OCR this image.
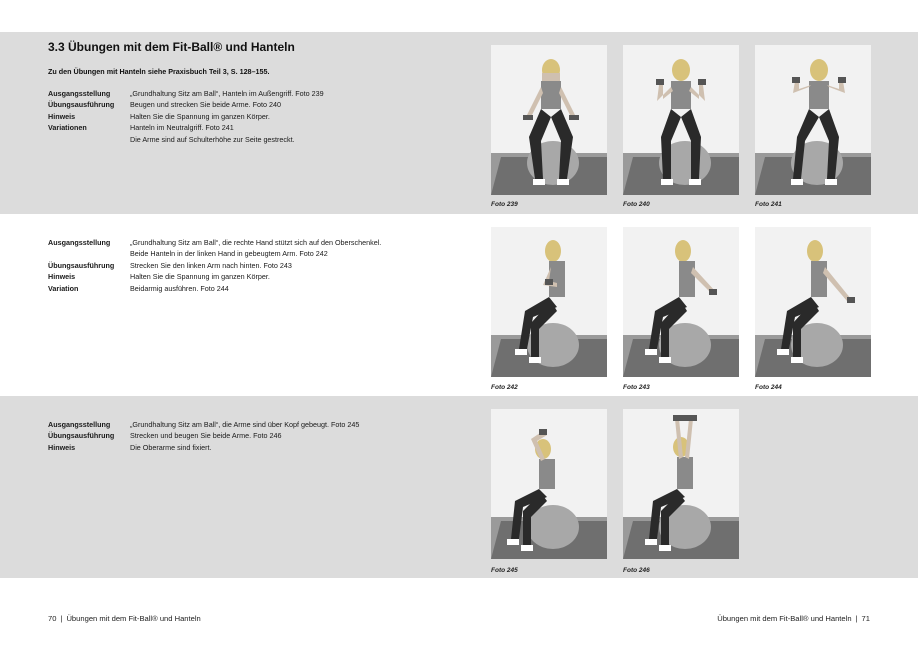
3.3 Übungen mit dem Fit-Ball® und Hanteln
Zu den Übungen mit Hanteln siehe Praxisbuch Teil 3, S. 128–155.
Ausgangsstellung	„Grundhaltung Sitz am Ball“, Hanteln im Außengriff. Foto 239
Übungsausführung	Beugen und strecken Sie beide Arme. Foto 240
Hinweis	Halten Sie die Spannung im ganzen Körper.
Variationen	Hanteln im Neutralgriff. Foto 241
Die Arme sind auf Schulterhöhe zur Seite gestreckt.
Ausgangsstellung	„Grundhaltung Sitz am Ball“, die rechte Hand stützt sich auf den Oberschenkel.
Beide Hanteln in der linken Hand in gebeugtem Arm. Foto 242
Übungsausführung	Strecken Sie den linken Arm nach hinten. Foto 243
Hinweis	Halten Sie die Spannung im ganzen Körper.
Variation	Beidarmig ausführen. Foto 244
Ausgangsstellung	„Grundhaltung Sitz am Ball“, die Arme sind über Kopf gebeugt. Foto 245
Übungsausführung	Strecken und beugen Sie beide Arme. Foto 246
Hinweis	Die Oberarme sind fixiert.
Foto 239	Foto 240	Foto 241
Foto 242	Foto 243	Foto 244
Foto 245	Foto 246
70 | Übungen mit dem Fit-Ball® und Hanteln	Übungen mit dem Fit-Ball® und Hanteln | 71
